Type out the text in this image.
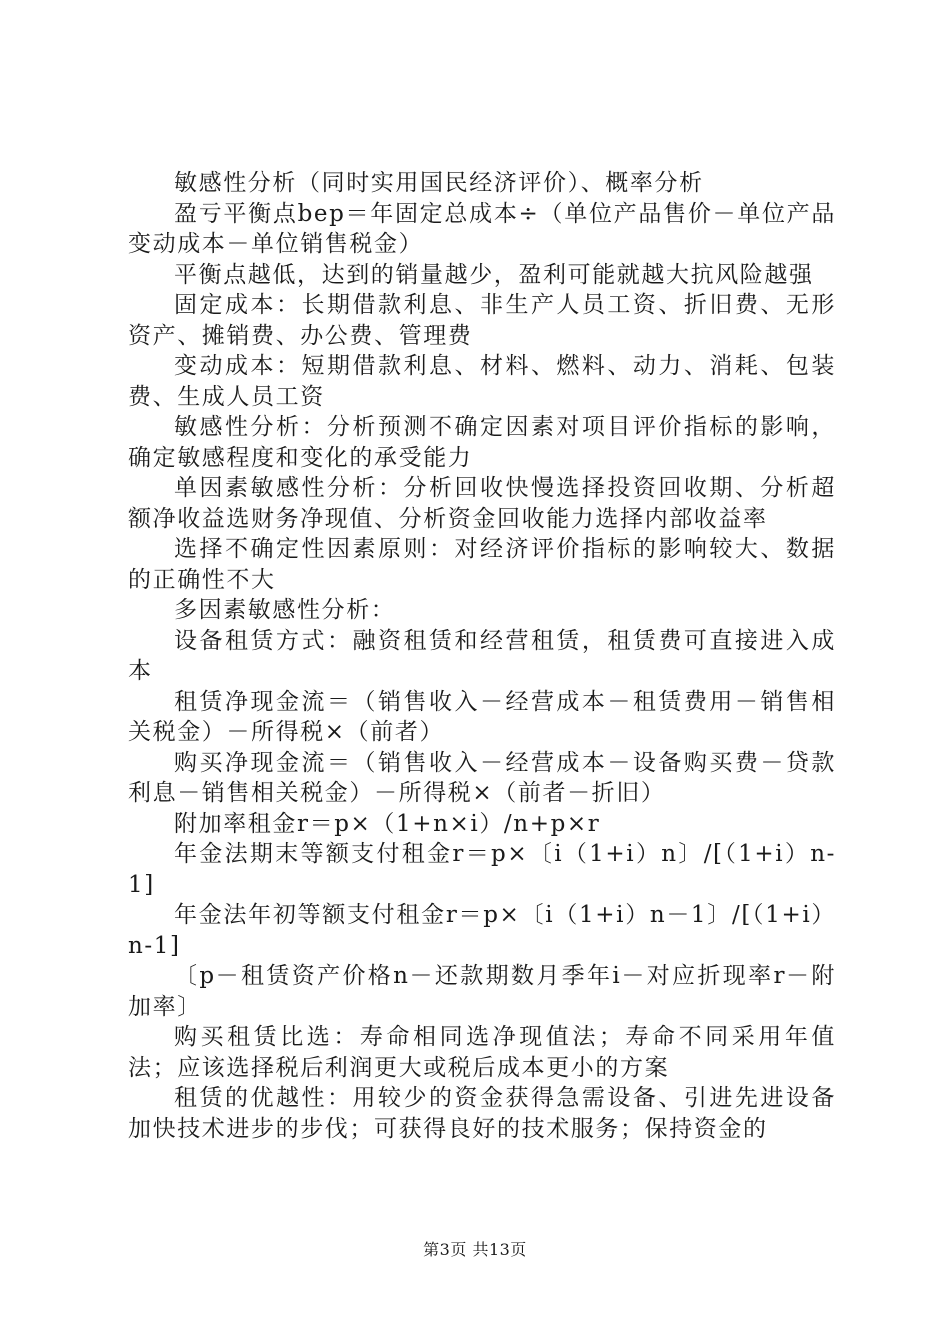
敏感性分析（同时实用国民经济评价）、概率分析

盈亏平衡点bep＝年固定总成本÷（单位产品售价－单位产品变动成本－单位销售税金）

平衡点越低，达到的销量越少，盈利可能就越大抗风险越强

固定成本：长期借款利息、非生产人员工资、折旧费、无形资产、摊销费、办公费、管理费

变动成本：短期借款利息、材料、燃料、动力、消耗、包装费、生成人员工资

敏感性分析：分析预测不确定因素对项目评价指标的影响，确定敏感程度和变化的承受能力

单因素敏感性分析：分析回收快慢选择投资回收期、分析超额净收益选财务净现值、分析资金回收能力选择内部收益率

选择不确定性因素原则：对经济评价指标的影响较大、数据的正确性不大

多因素敏感性分析：

设备租赁方式：融资租赁和经营租赁，租赁费可直接进入成本

租赁净现金流＝（销售收入－经营成本－租赁费用－销售相关税金）－所得税×（前者）

购买净现金流＝（销售收入－经营成本－设备购买费－贷款利息－销售相关税金）－所得税×（前者－折旧）

附加率租金r＝p×（1+n×i）/n+p×r

年金法期末等额支付租金r＝p×〔i（1+i）n〕/[（1+i）n-1]

年金法年初等额支付租金r＝p×〔i（1+i）n－1〕/[（1+i）n-1]

〔p－租赁资产价格n－还款期数月季年i－对应折现率r－附加率〕

购买租赁比选：寿命相同选净现值法；寿命不同采用年值法；应该选择税后利润更大或税后成本更小的方案

租赁的优越性：用较少的资金获得急需设备、引进先进设备加快技术进步的步伐；可获得良好的技术服务；保持资金的

第3页 共13页
